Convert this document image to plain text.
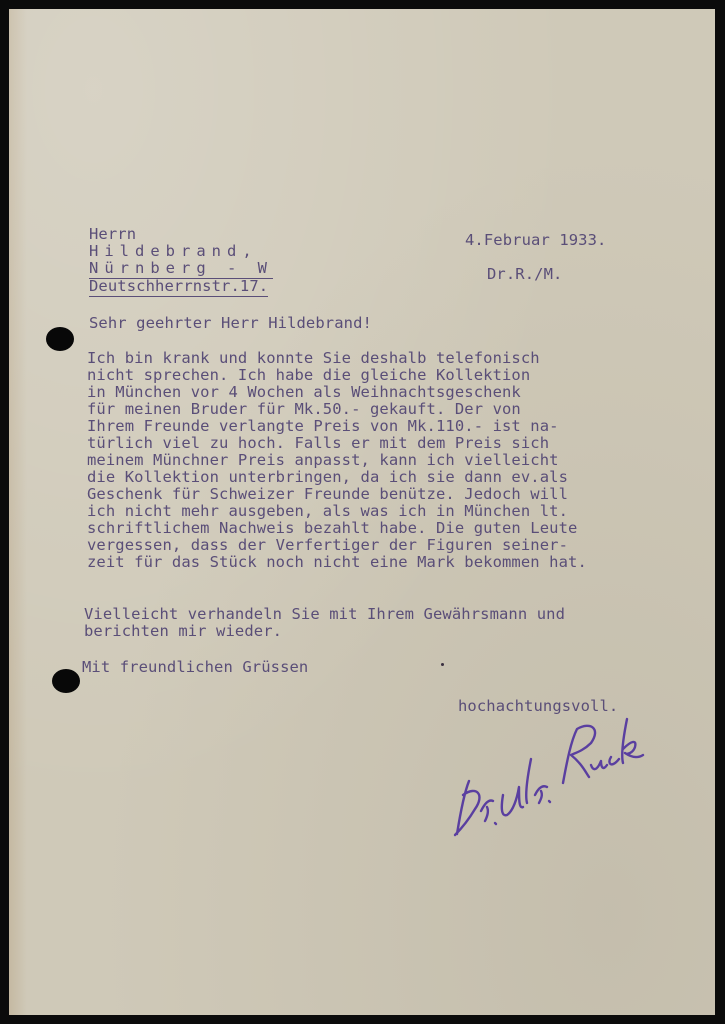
Herrn
Hildebrand,
Nürnberg - W
Deutschherrnstr.17.
4.Februar 1933.
Dr.R./M.
Sehr geehrter Herr Hildebrand!
Ich bin krank und konnte Sie deshalb telefonisch
nicht sprechen. Ich habe die gleiche Kollektion
in München vor 4 Wochen als Weihnachtsgeschenk
für meinen Bruder für Mk.50.- gekauft. Der von
Ihrem Freunde verlangte Preis von Mk.110.- ist na-
türlich viel zu hoch. Falls er mit dem Preis sich
meinem Münchner Preis anpasst, kann ich vielleicht
die Kollektion unterbringen, da ich sie dann ev.als
Geschenk für Schweizer Freunde benütze. Jedoch will
ich nicht mehr ausgeben, als was ich in München lt.
schriftlichem Nachweis bezahlt habe. Die guten Leute
vergessen, dass der Verfertiger der Figuren seiner-
zeit für das Stück noch nicht eine Mark bekommen hat.
Vielleicht verhandeln Sie mit Ihrem Gewährsmann und
berichten mir wieder.
Mit freundlichen Grüssen
hochachtungsvoll.
